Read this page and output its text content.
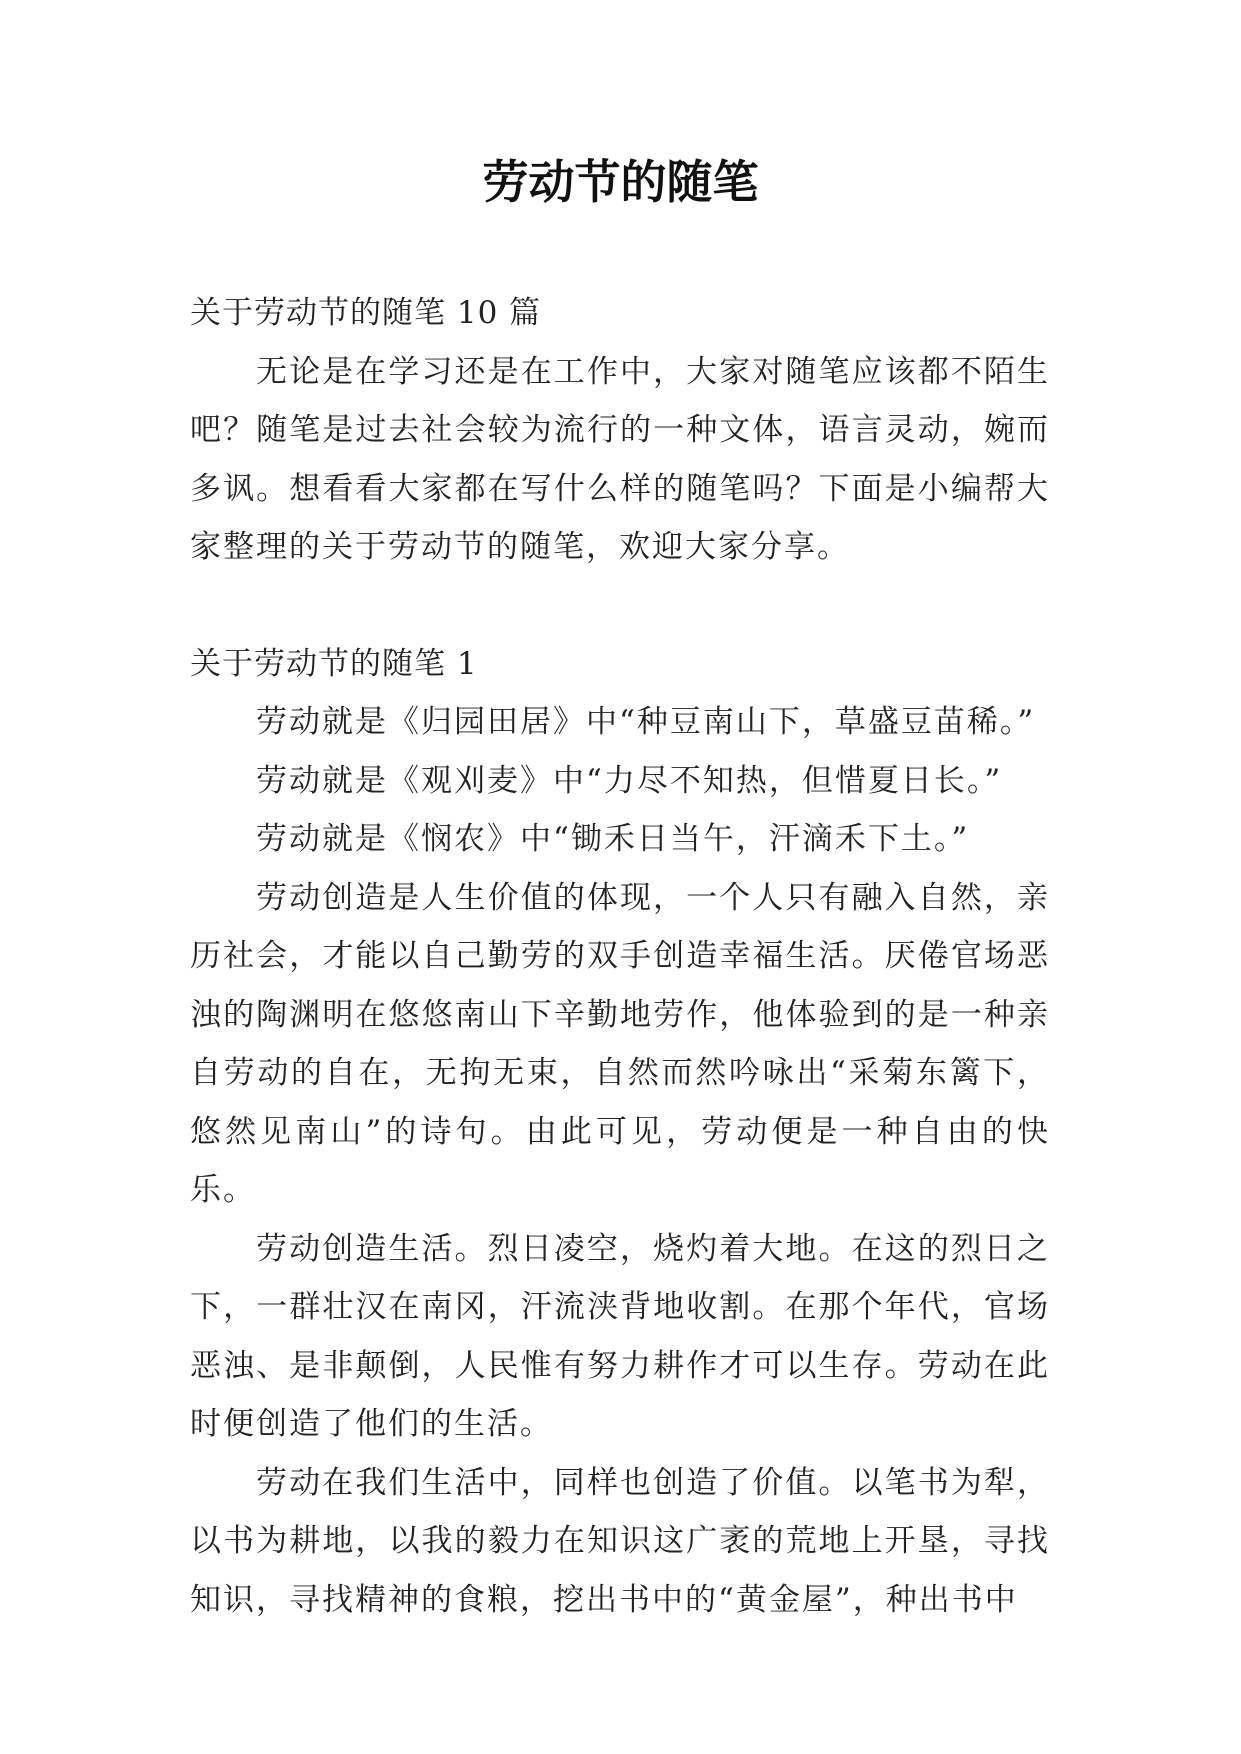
劳动节的随笔

关于劳动节的随笔 10 篇

无论是在学习还是在工作中，大家对随笔应该都不陌生吧？随笔是过去社会较为流行的一种文体，语言灵动，婉而多讽。想看看大家都在写什么样的随笔吗？下面是小编帮大家整理的关于劳动节的随笔，欢迎大家分享。

关于劳动节的随笔 1

劳动就是《归园田居》中“种豆南山下，草盛豆苗稀。”

劳动就是《观刈麦》中“力尽不知热，但惜夏日长。”

劳动就是《悯农》中“锄禾日当午，汗滴禾下土。”

劳动创造是人生价值的体现，一个人只有融入自然，亲历社会，才能以自己勤劳的双手创造幸福生活。厌倦官场恶浊的陶渊明在悠悠南山下辛勤地劳作，他体验到的是一种亲自劳动的自在，无拘无束，自然而然吟咏出“采菊东篱下，悠然见南山”的诗句。由此可见，劳动便是一种自由的快乐。

劳动创造生活。烈日凌空，烧灼着大地。在这的烈日之下，一群壮汉在南冈，汗流浃背地收割。在那个年代，官场恶浊、是非颠倒，人民惟有努力耕作才可以生存。劳动在此时便创造了他们的生活。

劳动在我们生活中，同样也创造了价值。以笔书为犁，以书为耕地，以我的毅力在知识这广袤的荒地上开垦，寻找知识，寻找精神的食粮，挖出书中的“黄金屋”，种出书中
